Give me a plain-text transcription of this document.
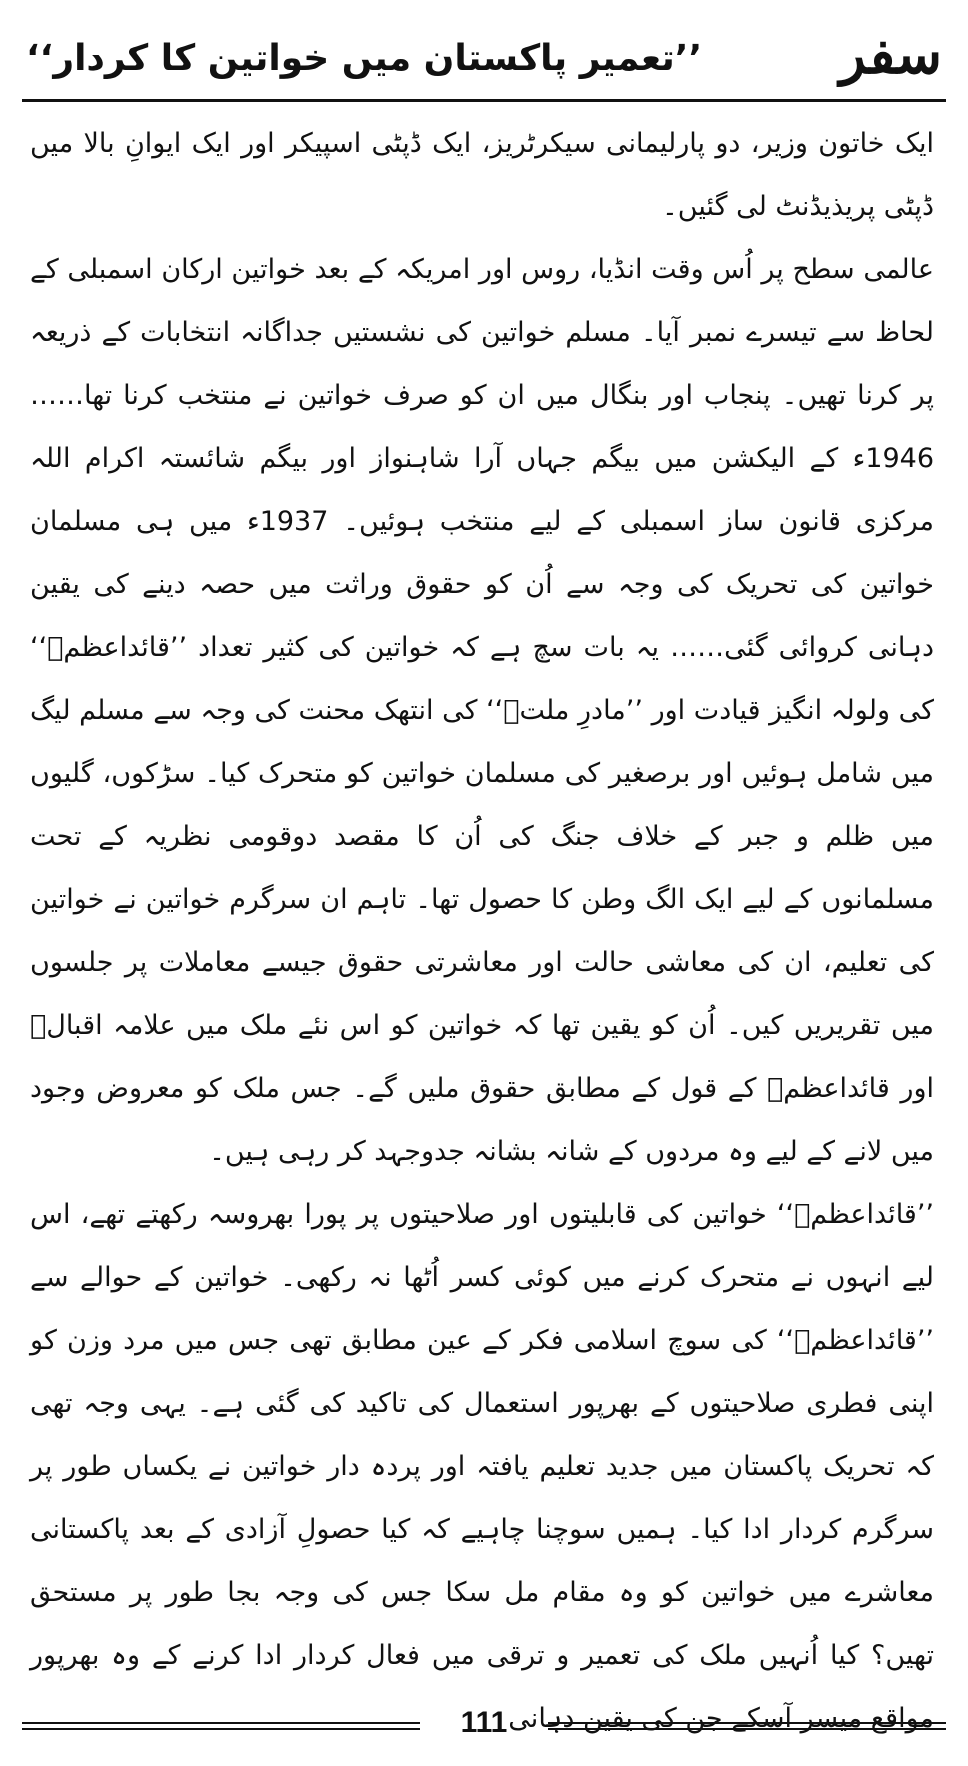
سفر
’’تعمیر پاکستان میں خواتین کا کردار‘‘

ایک خاتون وزیر، دو پارلیمانی سیکرٹریز، ایک ڈپٹی اسپیکر اور ایک ایوانِ بالا میں ڈپٹی پریذیڈنٹ لی گئیں۔

عالمی سطح پر اُس وقت انڈیا، روس اور امریکہ کے بعد خواتین ارکان اسمبلی کے لحاظ سے تیسرے نمبر آیا۔ مسلم خواتین کی نشستیں جداگانہ انتخابات کے ذریعہ پر کرنا تھیں۔ پنجاب اور بنگال میں ان کو صرف خواتین نے منتخب کرنا تھا…… 1946ء کے الیکشن میں بیگم جہاں آرا شاہنواز اور بیگم شائستہ اکرام اللہ مرکزی قانون ساز اسمبلی کے لیے منتخب ہوئیں۔ 1937ء میں ہی مسلمان خواتین کی تحریک کی وجہ سے اُن کو حقوق وراثت میں حصہ دینے کی یقین دہانی کروائی گئی…… یہ بات سچ ہے کہ خواتین کی کثیر تعداد ’’قائداعظمؒ‘‘ کی ولولہ انگیز قیادت اور ’’مادرِ ملتؒ‘‘ کی انتھک محنت کی وجہ سے مسلم لیگ میں شامل ہوئیں اور برصغیر کی مسلمان خواتین کو متحرک کیا۔ سڑکوں، گلیوں میں ظلم و جبر کے خلاف جنگ کی اُن کا مقصد دوقومی نظریہ کے تحت مسلمانوں کے لیے ایک الگ وطن کا حصول تھا۔ تاہم ان سرگرم خواتین نے خواتین کی تعلیم، ان کی معاشی حالت اور معاشرتی حقوق جیسے معاملات پر جلسوں میں تقریریں کیں۔ اُن کو یقین تھا کہ خواتین کو اس نئے ملک میں علامہ اقبالؒ اور قائداعظمؒ کے قول کے مطابق حقوق ملیں گے۔ جس ملک کو معروض وجود میں لانے کے لیے وہ مردوں کے شانہ بشانہ جدوجہد کر رہی ہیں۔

’’قائداعظمؒ‘‘ خواتین کی قابلیتوں اور صلاحیتوں پر پورا بھروسہ رکھتے تھے، اس لیے انہوں نے متحرک کرنے میں کوئی کسر اُٹھا نہ رکھی۔ خواتین کے حوالے سے ’’قائداعظمؒ‘‘ کی سوچ اسلامی فکر کے عین مطابق تھی جس میں مرد وزن کو اپنی فطری صلاحیتوں کے بھرپور استعمال کی تاکید کی گئی ہے۔ یہی وجہ تھی کہ تحریک پاکستان میں جدید تعلیم یافتہ اور پردہ دار خواتین نے یکساں طور پر سرگرم کردار ادا کیا۔ ہمیں سوچنا چاہیے کہ کیا حصولِ آزادی کے بعد پاکستانی معاشرے میں خواتین کو وہ مقام مل سکا جس کی وجہ بجا طور پر مستحق تھیں؟ کیا اُنہیں ملک کی تعمیر و ترقی میں فعال کردار ادا کرنے کے وہ بھرپور مواقع میسر آسکے جن کی یقین دہانی

111
